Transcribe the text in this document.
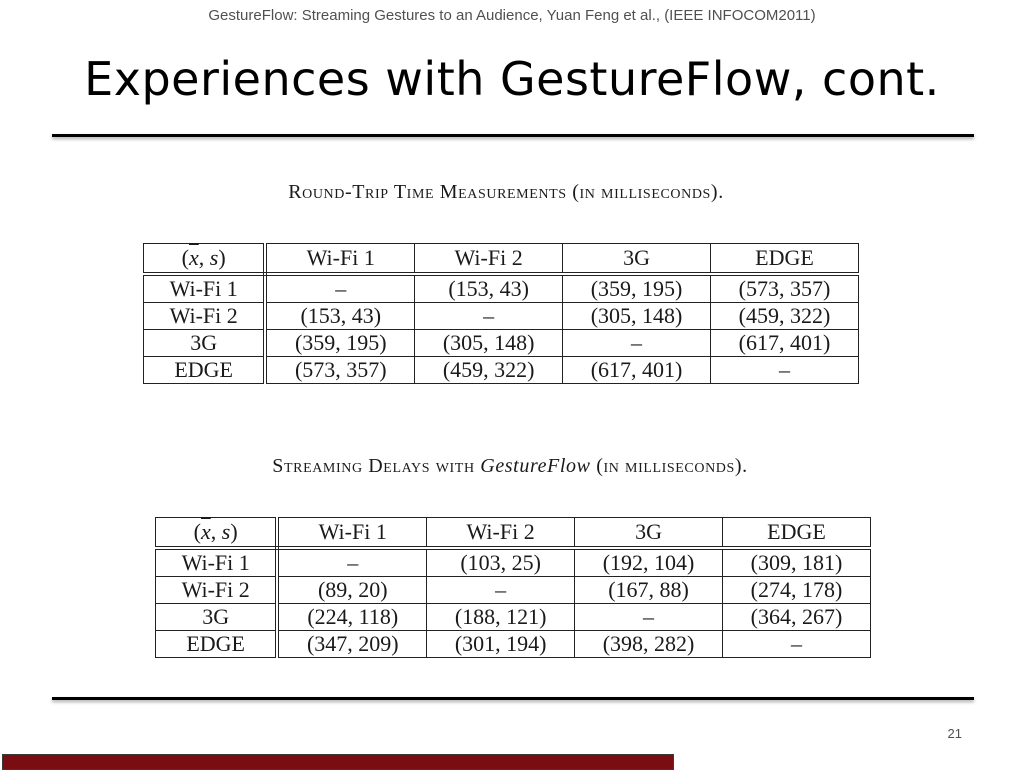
GestureFlow: Streaming Gestures to an Audience, Yuan Feng et al., (IEEE INFOCOM2011)
Experiences with GestureFlow, cont.
Round-Trip Time Measurements (in milliseconds).
($\overline{x}$, s)	Wi-Fi 1	Wi-Fi 2	3G	EDGE
Wi-Fi 1	–	(153, 43)	(359, 195)	(573, 357)
Wi-Fi 2	(153, 43)	–	(305, 148)	(459, 322)
3G	(359, 195)	(305, 148)	–	(617, 401)
EDGE	(573, 357)	(459, 322)	(617, 401)	–
Streaming Delays with GestureFlow (in milliseconds).
($\overline{x}$, s)	Wi-Fi 1	Wi-Fi 2	3G	EDGE
Wi-Fi 1	–	(103, 25)	(192, 104)	(309, 181)
Wi-Fi 2	(89, 20)	–	(167, 88)	(274, 178)
3G	(224, 118)	(188, 121)	–	(364, 267)
EDGE	(347, 209)	(301, 194)	(398, 282)	–
21
